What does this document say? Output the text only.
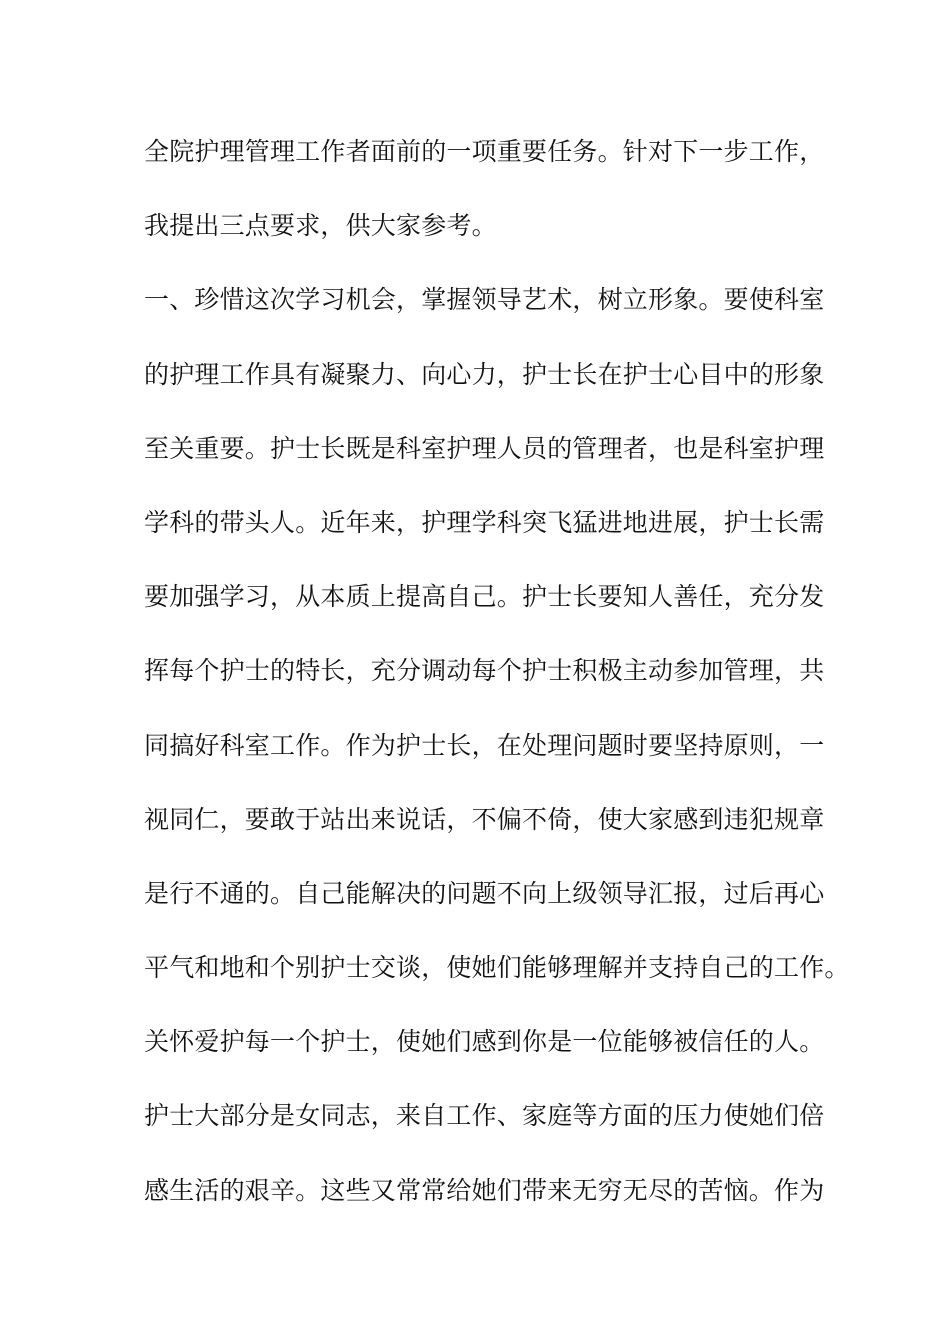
全院护理管理工作者面前的一项重要任务。针对下一步工作，
我提出三点要求，供大家参考。
一、珍惜这次学习机会，掌握领导艺术，树立形象。要使科室
的护理工作具有凝聚力、向心力，护士长在护士心目中的形象
至关重要。护士长既是科室护理人员的管理者，也是科室护理
学科的带头人。近年来，护理学科突飞猛进地进展，护士长需
要加强学习，从本质上提高自己。护士长要知人善任，充分发
挥每个护士的特长，充分调动每个护士积极主动参加管理，共
同搞好科室工作。作为护士长，在处理问题时要坚持原则，一
视同仁，要敢于站出来说话，不偏不倚，使大家感到违犯规章
是行不通的。自己能解决的问题不向上级领导汇报，过后再心
平气和地和个别护士交谈，使她们能够理解并支持自己的工作。
关怀爱护每一个护士，使她们感到你是一位能够被信任的人。
护士大部分是女同志，来自工作、家庭等方面的压力使她们倍
感生活的艰辛。这些又常常给她们带来无穷无尽的苦恼。作为
